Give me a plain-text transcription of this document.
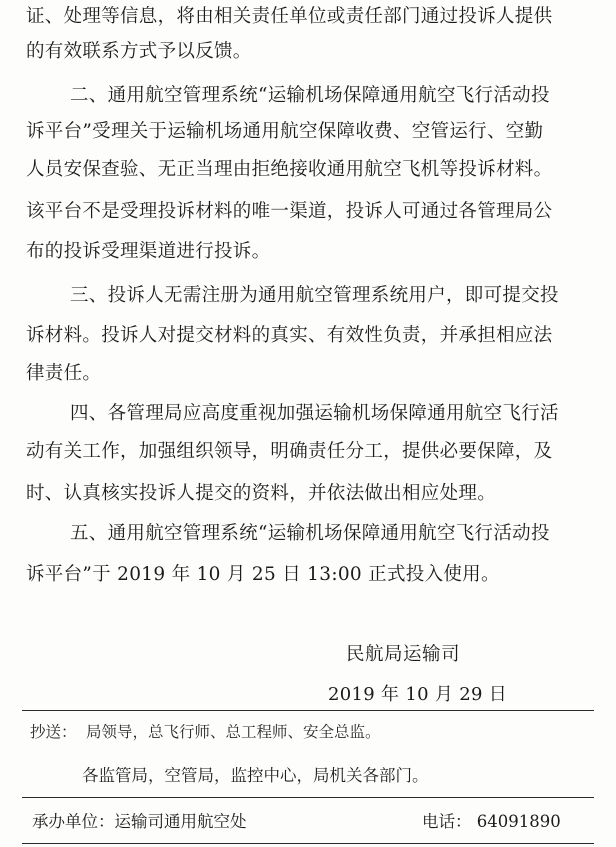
证、处理等信息，将由相关责任单位或责任部门通过投诉人提供
的有效联系方式予以反馈。
二、通用航空管理系统“运输机场保障通用航空飞行活动投
诉平台”受理关于运输机场通用航空保障收费、空管运行、空勤
人员安保查验、无正当理由拒绝接收通用航空飞机等投诉材料。
该平台不是受理投诉材料的唯一渠道，投诉人可通过各管理局公
布的投诉受理渠道进行投诉。
三、投诉人无需注册为通用航空管理系统用户，即可提交投
诉材料。投诉人对提交材料的真实、有效性负责，并承担相应法
律责任。
四、各管理局应高度重视加强运输机场保障通用航空飞行活
动有关工作，加强组织领导，明确责任分工，提供必要保障，及
时、认真核实投诉人提交的资料，并依法做出相应处理。
五、通用航空管理系统“运输机场保障通用航空飞行活动投
诉平台”于 2019 年 10 月 25 日 13:00 正式投入使用。
民航局运输司
2019 年 10 月 29 日
抄送： 局领导，总飞行师、总工程师、安全总监。
各监管局，空管局，监控中心，局机关各部门。
承办单位：运输司通用航空处	电话： 64091890
